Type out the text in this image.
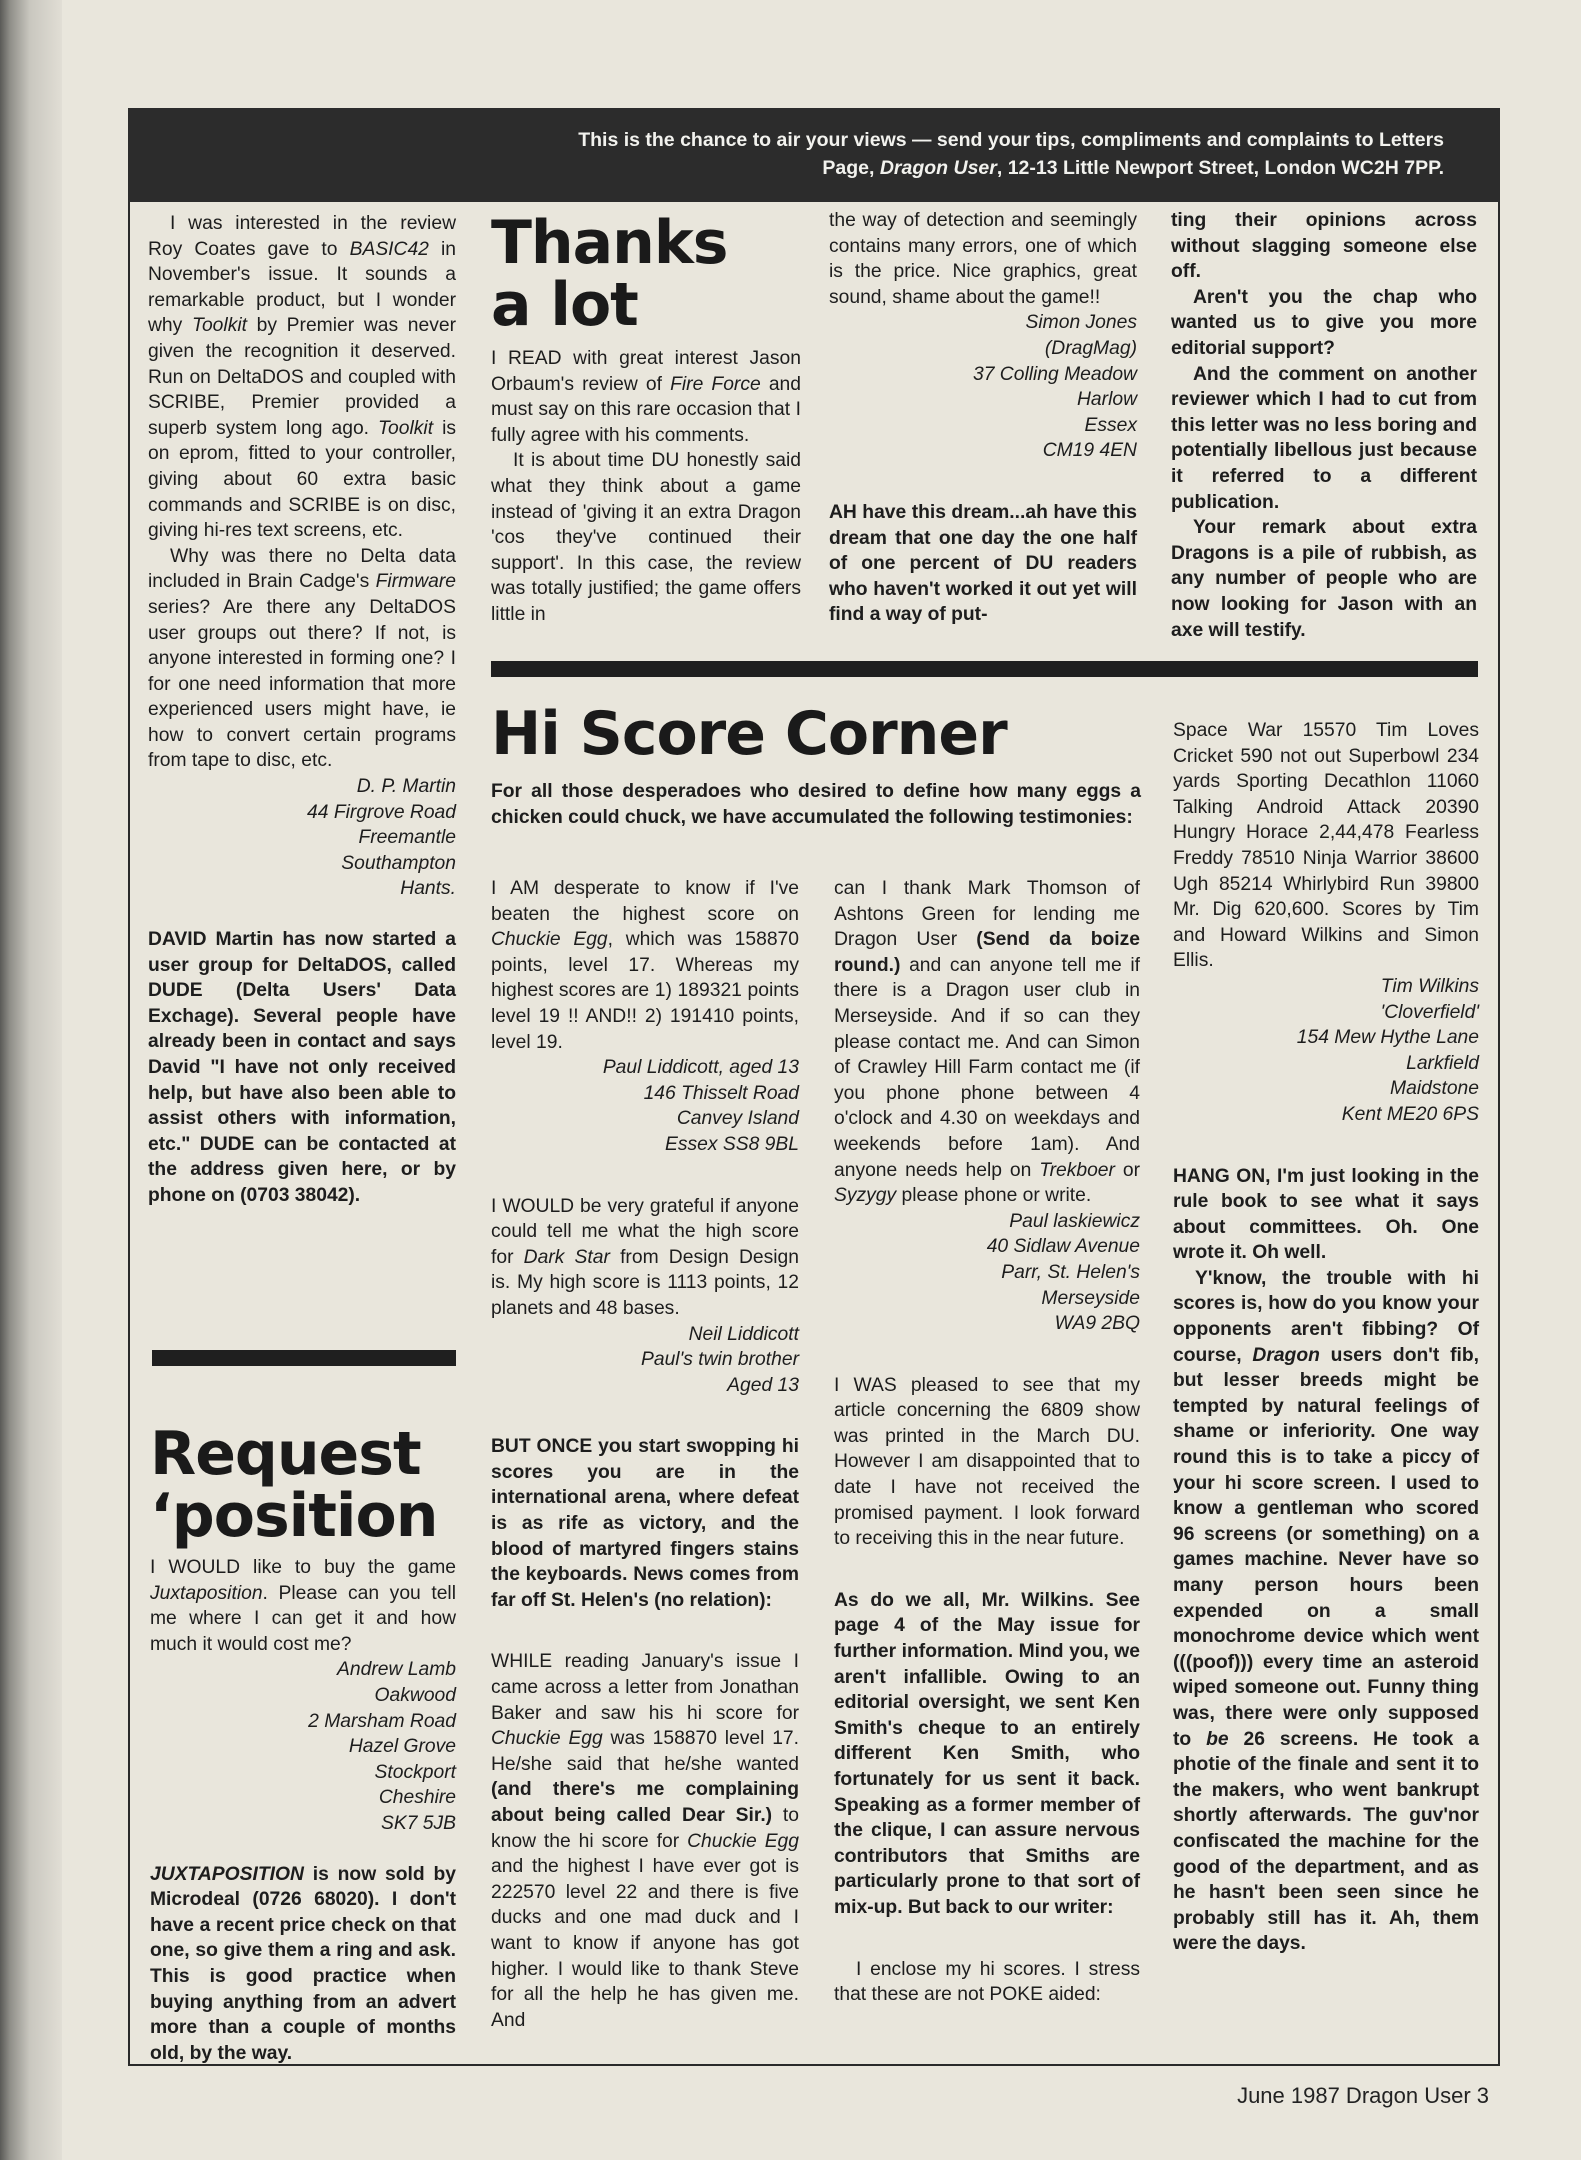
This is the chance to air your views — send your tips, compliments and complaints to Letters
Page, Dragon User, 12-13 Little Newport Street, London WC2H 7PP.

I was interested in the review Roy Coates gave to BASIC42 in November's issue. It sounds a remarkable product, but I wonder why Toolkit by Premier was never given the recognition it deserved. Run on DeltaDOS and coupled with SCRIBE, Premier provided a superb system long ago. Toolkit is on eprom, fitted to your controller, giving about 60 extra basic commands and SCRIBE is on disc, giving hi-res text screens, etc.

Why was there no Delta data included in Brain Cadge's Firmware series? Are there any DeltaDOS user groups out there? If not, is anyone interested in forming one? I for one need information that more experienced users might have, ie how to convert certain programs from tape to disc, etc.

D. P. Martin
44 Firgrove Road
Freemantle
Southampton
Hants.

DAVID Martin has now started a user group for DeltaDOS, called DUDE (Delta Users' Data Exchage). Several people have already been in contact and says David "I have not only received help, but have also been able to assist others with information, etc." DUDE can be contacted at the address given here, or by phone on (0703 38042).

Request
‘position

I WOULD like to buy the game Juxtaposition. Please can you tell me where I can get it and how much it would cost me?

Andrew Lamb
Oakwood
2 Marsham Road
Hazel Grove
Stockport
Cheshire
SK7 5JB

JUXTAPOSITION is now sold by Microdeal (0726 68020). I don't have a recent price check on that one, so give them a ring and ask. This is good practice when buying anything from an advert more than a couple of months old, by the way.

Thanks
a lot

I READ with great interest Jason Orbaum's review of Fire Force and must say on this rare occasion that I fully agree with his comments.

It is about time DU honestly said what they think about a game instead of 'giving it an extra Dragon 'cos they've continued their support'. In this case, the review was totally justified; the game offers little in

the way of detection and seemingly contains many errors, one of which is the price. Nice graphics, great sound, shame about the game!!

Simon Jones
(DragMag)
37 Colling Meadow
Harlow
Essex
CM19 4EN

AH have this dream...ah have this dream that one day the one half of one percent of DU readers who haven't worked it out yet will find a way of put-

ting their opinions across without slagging someone else off.

Aren't you the chap who wanted us to give you more editorial support?

And the comment on another reviewer which I had to cut from this letter was no less boring and potentially libellous just because it referred to a different publication.

Your remark about extra Dragons is a pile of rubbish, as any number of people who are now looking for Jason with an axe will testify.

Hi Score Corner

For all those desperadoes who desired to define how many eggs a chicken could chuck, we have accumulated the following testimonies:

I AM desperate to know if I've beaten the highest score on Chuckie Egg, which was 158870 points, level 17. Whereas my highest scores are 1) 189321 points level 19 !! AND!! 2) 191410 points, level 19.

Paul Liddicott, aged 13
146 Thisselt Road
Canvey Island
Essex SS8 9BL

I WOULD be very grateful if anyone could tell me what the high score for Dark Star from Design Design is. My high score is 1113 points, 12 planets and 48 bases.

Neil Liddicott
Paul's twin brother
Aged 13

BUT ONCE you start swopping hi scores you are in the international arena, where defeat is as rife as victory, and the blood of martyred fingers stains the keyboards. News comes from far off St. Helen's (no relation):

WHILE reading January's issue I came across a letter from Jonathan Baker and saw his hi score for Chuckie Egg was 158870 level 17. He/she said that he/she wanted (and there's me complaining about being called Dear Sir.) to know the hi score for Chuckie Egg and the highest I have ever got is 222570 level 22 and there is five ducks and one mad duck and I want to know if anyone has got higher. I would like to thank Steve for all the help he has given me. And

can I thank Mark Thomson of Ashtons Green for lending me Dragon User (Send da boize round.) and can anyone tell me if there is a Dragon user club in Merseyside. And if so can they please contact me. And can Simon of Crawley Hill Farm contact me (if you phone phone between 4 o'clock and 4.30 on weekdays and weekends before 1am). And anyone needs help on Trekboer or Syzygy please phone or write.

Paul laskiewicz
40 Sidlaw Avenue
Parr, St. Helen's
Merseyside
WA9 2BQ

I WAS pleased to see that my article concerning the 6809 show was printed in the March DU. However I am disappointed that to date I have not received the promised payment. I look forward to receiving this in the near future.

As do we all, Mr. Wilkins. See page 4 of the May issue for further information. Mind you, we aren't infallible. Owing to an editorial oversight, we sent Ken Smith's cheque to an entirely different Ken Smith, who fortunately for us sent it back. Speaking as a former member of the clique, I can assure nervous contributors that Smiths are particularly prone to that sort of mix-up. But back to our writer:

I enclose my hi scores. I stress that these are not POKE aided:

Space War 15570 Tim Loves Cricket 590 not out Superbowl 234 yards Sporting Decathlon 11060 Talking Android Attack 20390 Hungry Horace 2,44,478 Fearless Freddy 78510 Ninja Warrior 38600 Ugh 85214 Whirlybird Run 39800 Mr. Dig 620,600. Scores by Tim and Howard Wilkins and Simon Ellis.

Tim Wilkins
'Cloverfield'
154 Mew Hythe Lane
Larkfield
Maidstone
Kent ME20 6PS

HANG ON, I'm just looking in the rule book to see what it says about committees. Oh. One wrote it. Oh well.

Y'know, the trouble with hi scores is, how do you know your opponents aren't fibbing? Of course, Dragon users don't fib, but lesser breeds might be tempted by natural feelings of shame or inferiority. One way round this is to take a piccy of your hi score screen. I used to know a gentleman who scored 96 screens (or something) on a games machine. Never have so many person hours been expended on a small monochrome device which went (((poof))) every time an asteroid wiped someone out. Funny thing was, there were only supposed to be 26 screens. He took a photie of the finale and sent it to the makers, who went bankrupt shortly afterwards. The guv'nor confiscated the machine for the good of the department, and as he hasn't been seen since he probably still has it. Ah, them were the days.

June 1987 Dragon User 3
